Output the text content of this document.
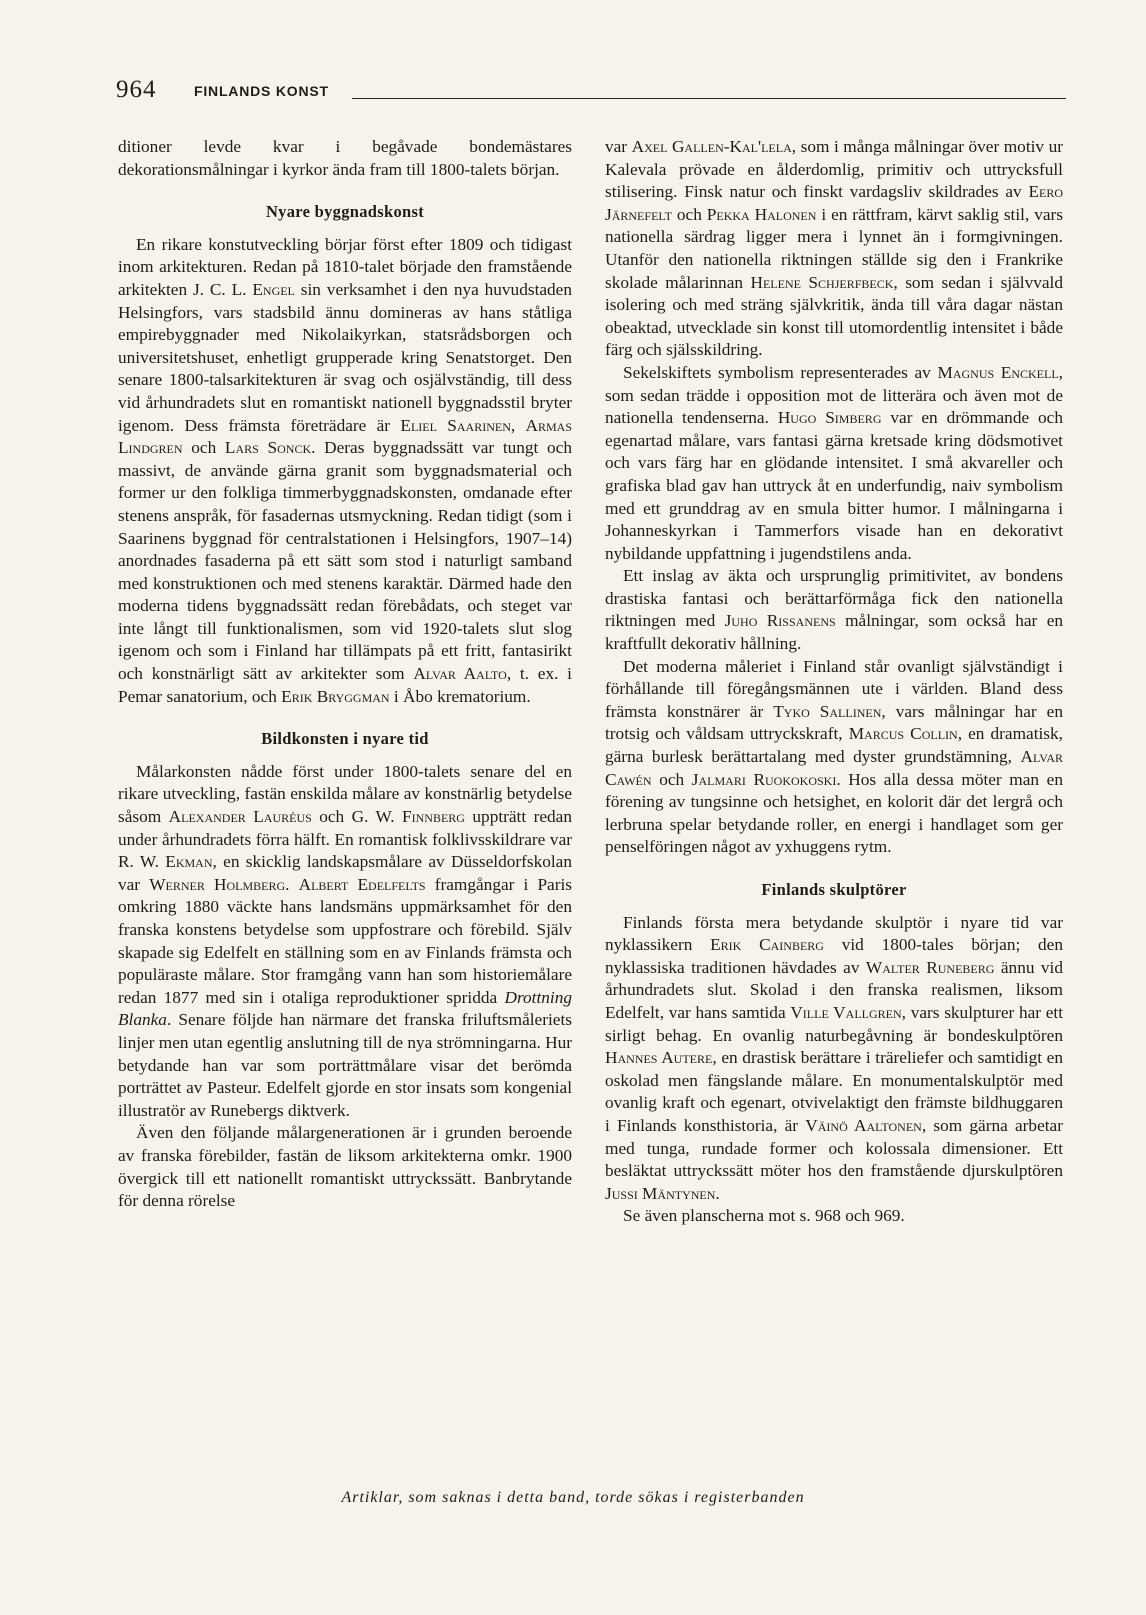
964	FINLANDS KONST

ditioner levde kvar i begåvade bondemästares dekorationsmålningar i kyrkor ända fram till 1800-talets början.

Nyare byggnadskonst

En rikare konstutveckling börjar först efter 1809 och tidigast inom arkitekturen. Redan på 1810-talet började den framstående arkitekten J. C. L. Engel sin verksamhet i den nya huvudstaden Helsingfors, vars stadsbild ännu domineras av hans ståtliga empirebyggnader med Nikolaikyrkan, statsrådsborgen och universitetshuset, enhetligt grupperade kring Senatstorget. Den senare 1800-talsarkitekturen är svag och osjälvständig, till dess vid århundradets slut en romantiskt nationell byggnadsstil bryter igenom. Dess främsta företrädare är Eliel Saarinen, Armas Lindgren och Lars Sonck. Deras byggnadssätt var tungt och massivt, de använde gärna granit som byggnadsmaterial och former ur den folkliga timmerbyggnadskonsten, omdanade efter stenens anspråk, för fasadernas utsmyckning. Redan tidigt (som i Saarinens byggnad för centralstationen i Helsingfors, 1907–14) anordnades fasaderna på ett sätt som stod i naturligt samband med konstruktionen och med stenens karaktär. Därmed hade den moderna tidens byggnadssätt redan förebådats, och steget var inte långt till funktionalismen, som vid 1920-talets slut slog igenom och som i Finland har tillämpats på ett fritt, fantasirikt och konstnärligt sätt av arkitekter som Alvar Aalto, t. ex. i Pemar sanatorium, och Erik Bryggman i Åbo krematorium.

Bildkonsten i nyare tid

Målarkonsten nådde först under 1800-talets senare del en rikare utveckling, fastän enskilda målare av konstnärlig betydelse såsom Alexander Lauréus och G. W. Finnberg uppträtt redan under århundradets förra hälft. En romantisk folklivsskildrare var R. W. Ekman, en skicklig landskapsmålare av Düsseldorfskolan var Werner Holmberg. Albert Edelfelts framgångar i Paris omkring 1880 väckte hans landsmäns uppmärksamhet för den franska konstens betydelse som uppfostrare och förebild. Själv skapade sig Edelfelt en ställning som en av Finlands främsta och populäraste målare. Stor framgång vann han som historiemålare redan 1877 med sin i otaliga reproduktioner spridda Drottning Blanka. Senare följde han närmare det franska friluftsmåleriets linjer men utan egentlig anslutning till de nya strömningarna. Hur betydande han var som porträttmålare visar det berömda porträttet av Pasteur. Edelfelt gjorde en stor insats som kongenial illustratör av Runebergs diktverk.

Även den följande målargenerationen är i grunden beroende av franska förebilder, fastän de liksom arkitekterna omkr. 1900 övergick till ett nationellt romantiskt uttryckssätt. Banbrytande för denna rörelse

var Axel Gallen-Kal'lela, som i många målningar över motiv ur Kalevala prövade en ålderdomlig, primitiv och uttrycksfull stilisering. Finsk natur och finskt vardagsliv skildrades av Eero Järnefelt och Pekka Halonen i en rättfram, kärvt saklig stil, vars nationella särdrag ligger mera i lynnet än i formgivningen. Utanför den nationella riktningen ställde sig den i Frankrike skolade målarinnan Helene Schjerfbeck, som sedan i självvald isolering och med sträng självkritik, ända till våra dagar nästan obeaktad, utvecklade sin konst till utomordentlig intensitet i både färg och själsskildring.

Sekelskiftets symbolism representerades av Magnus Enckell, som sedan trädde i opposition mot de litterära och även mot de nationella tendenserna. Hugo Simberg var en drömmande och egenartad målare, vars fantasi gärna kretsade kring dödsmotivet och vars färg har en glödande intensitet. I små akvareller och grafiska blad gav han uttryck åt en underfundig, naiv symbolism med ett grunddrag av en smula bitter humor. I målningarna i Johanneskyrkan i Tammerfors visade han en dekorativt nybildande uppfattning i jugendstilens anda.

Ett inslag av äkta och ursprunglig primitivitet, av bondens drastiska fantasi och berättarförmåga fick den nationella riktningen med Juho Rissanens målningar, som också har en kraftfullt dekorativ hållning.

Det moderna måleriet i Finland står ovanligt självständigt i förhållande till föregångsmännen ute i världen. Bland dess främsta konstnärer är Tyko Sallinen, vars målningar har en trotsig och våldsam uttryckskraft, Marcus Collin, en dramatisk, gärna burlesk berättartalang med dyster grundstämning, Alvar Cawén och Jalmari Ruokokoski. Hos alla dessa möter man en förening av tungsinne och hetsighet, en kolorit där det lergrå och lerbruna spelar betydande roller, en energi i handlaget som ger penselföringen något av yxhuggens rytm.

Finlands skulptörer

Finlands första mera betydande skulptör i nyare tid var nyklassikern Erik Cainberg vid 1800-tales början; den nyklassiska traditionen hävdades av Walter Runeberg ännu vid århundradets slut. Skolad i den franska realismen, liksom Edelfelt, var hans samtida Ville Vallgren, vars skulpturer har ett sirligt behag. En ovanlig naturbegåvning är bondeskulptören Hannes Autere, en drastisk berättare i träreliefer och samtidigt en oskolad men fängslande målare. En monumentalskulptör med ovanlig kraft och egenart, otvivelaktigt den främste bildhuggaren i Finlands konsthistoria, är Väinö Aaltonen, som gärna arbetar med tunga, rundade former och kolossala dimensioner. Ett besläktat uttryckssätt möter hos den framstående djurskulptören Jussi Mäntynen.

Se även planscherna mot s. 968 och 969.

Artiklar, som saknas i detta band, torde sökas i registerbanden
